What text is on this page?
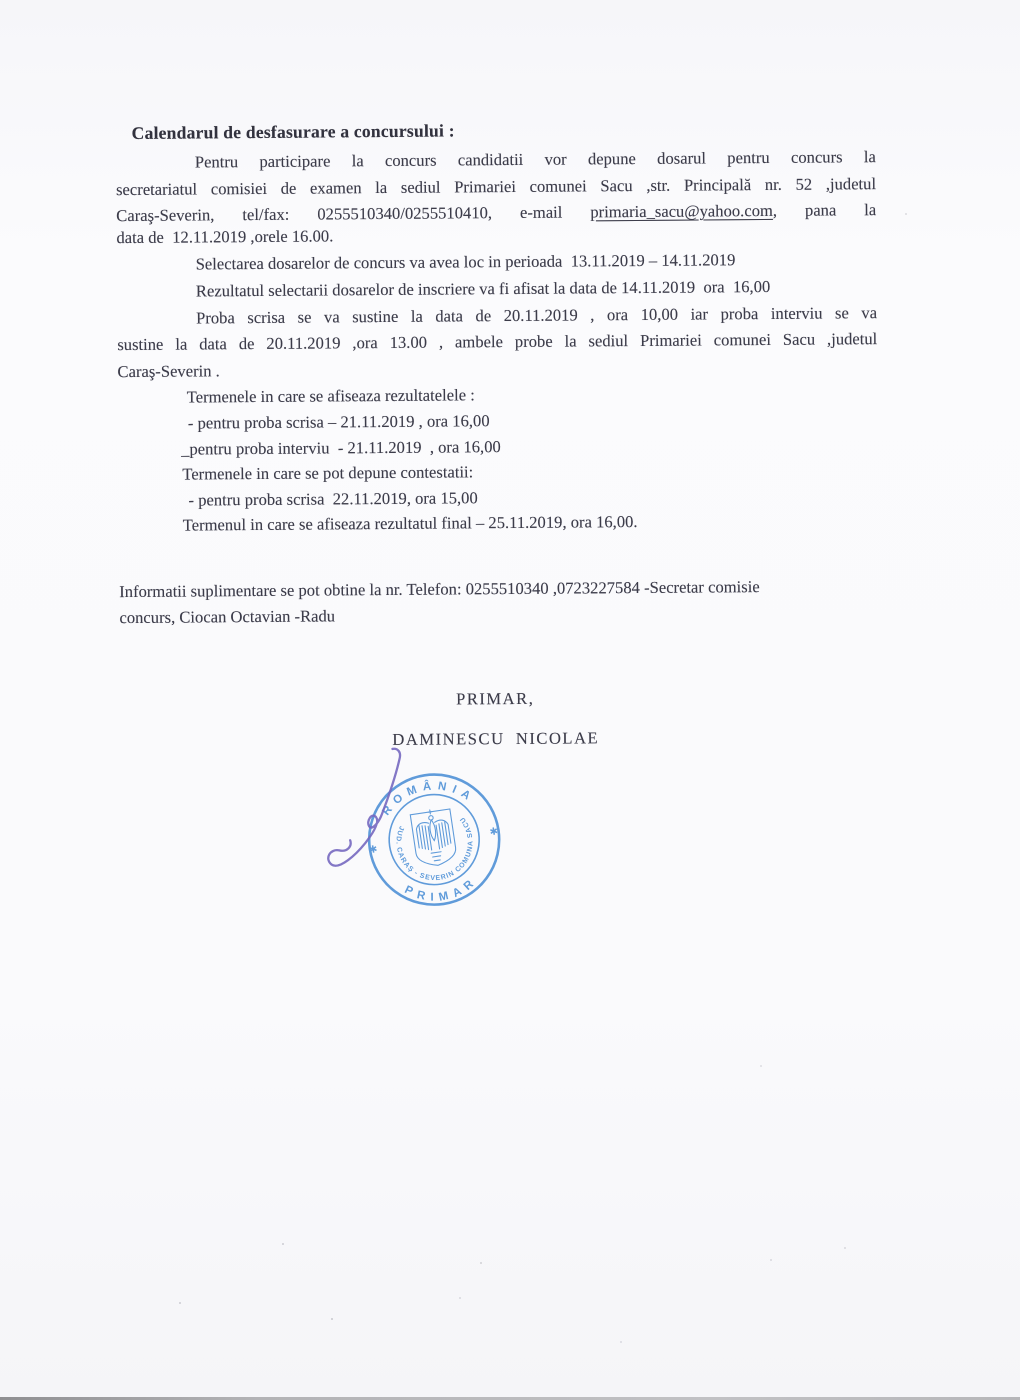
Calendarul de desfasurare a concursului :
Pentru participare la concurs candidatii vor depune dosarul pentru concurs la
secretariatul comisiei de examen la sediul Primariei comunei Sacu ,str. Principală nr. 52 ,judetul
Caraş-Severin, tel/fax: 0255510340/0255510410, e-mail primaria_sacu@yahoo.com, pana la
data de  12.11.2019 ,orele 16.00.
Selectarea dosarelor de concurs va avea loc in perioada  13.11.2019 – 14.11.2019
Rezultatul selectarii dosarelor de inscriere va fi afisat la data de 14.11.2019  ora  16,00
Proba scrisa se va sustine la data de 20.11.2019 , ora 10,00 iar proba interviu se va
sustine la data de 20.11.2019 ,ora 13.00 , ambele probe la sediul Primariei comunei Sacu ,judetul
Caraş-Severin .
Termenele in care se afiseaza rezultatelele :
- pentru proba scrisa – 21.11.2019 , ora 16,00
_pentru proba interviu  - 21.11.2019  , ora 16,00
Termenele in care se pot depune contestatii:
- pentru proba scrisa  22.11.2019, ora 15,00
Termenul in care se afiseaza rezultatul final – 25.11.2019, ora 16,00.
Informatii suplimentare se pot obtine la nr. Telefon: 0255510340 ,0723227584 -Secretar comisie
concurs, Ciocan Octavian -Radu
PRIMAR,
DAMINESCU  NICOLAE
ROMÂNIA
PRIMAR
JUD. CARAŞ - SEVERIN COMUNA SACU
✱
✱
